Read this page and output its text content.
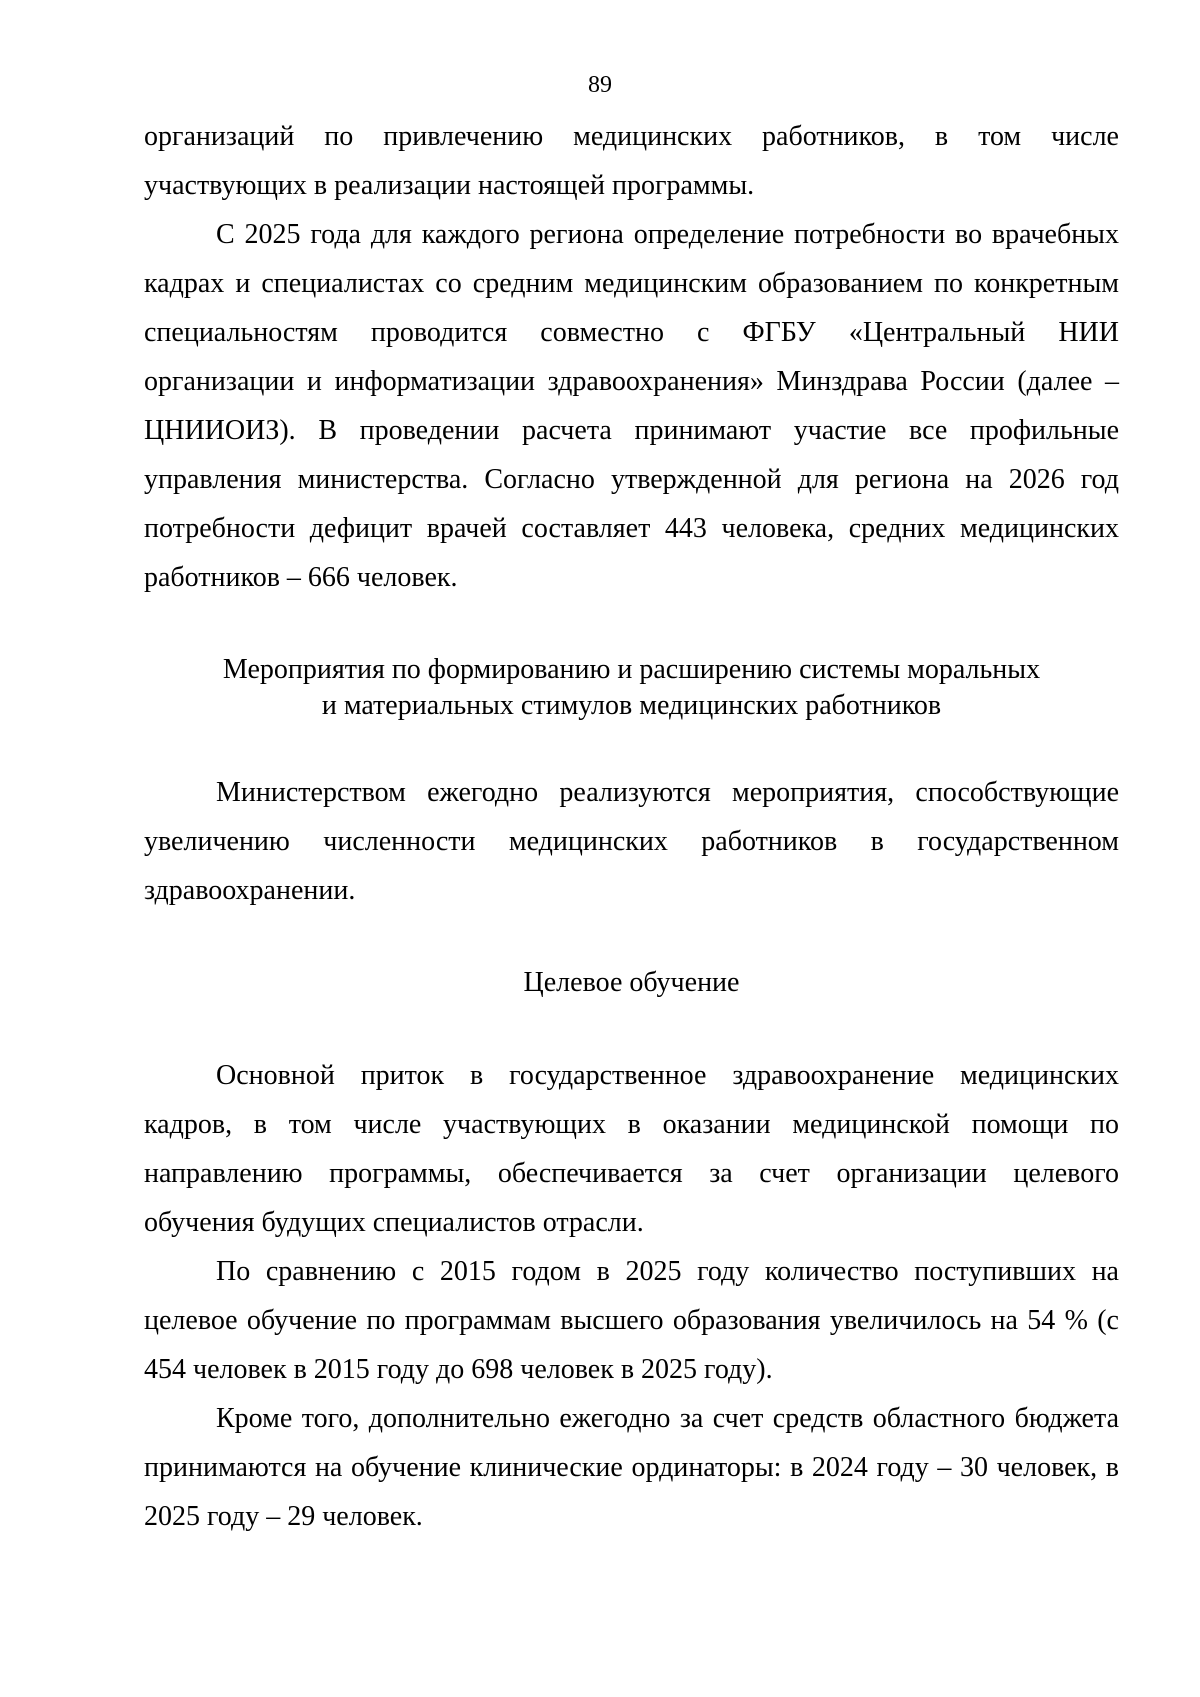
89

организаций по привлечению медицинских работников, в том числе участвующих в реализации настоящей программы.

С 2025 года для каждого региона определение потребности во врачебных кадрах и специалистах со средним медицинским образованием по конкретным специальностям проводится совместно с ФГБУ «Центральный НИИ организации и информатизации здравоохранения» Минздрава России (далее – ЦНИИОИЗ). В проведении расчета принимают участие все профильные управления министерства. Согласно утвержденной для региона на 2026 год потребности дефицит врачей составляет 443 человека, средних медицинских работников – 666 человек.

Мероприятия по формированию и расширению системы моральных
и материальных стимулов медицинских работников

Министерством ежегодно реализуются мероприятия, способствующие увеличению численности медицинских работников в государственном здравоохранении.

Целевое обучение

Основной приток в государственное здравоохранение медицинских кадров, в том числе участвующих в оказании медицинской помощи по направлению программы, обеспечивается за счет организации целевого обучения будущих специалистов отрасли.

По сравнению с 2015 годом в 2025 году количество поступивших на целевое обучение по программам высшего образования увеличилось на 54 % (с 454 человек в 2015 году до 698 человек в 2025 году).

Кроме того, дополнительно ежегодно за счет средств областного бюджета принимаются на обучение клинические ординаторы: в 2024 году – 30 человек, в 2025 году – 29 человек.
